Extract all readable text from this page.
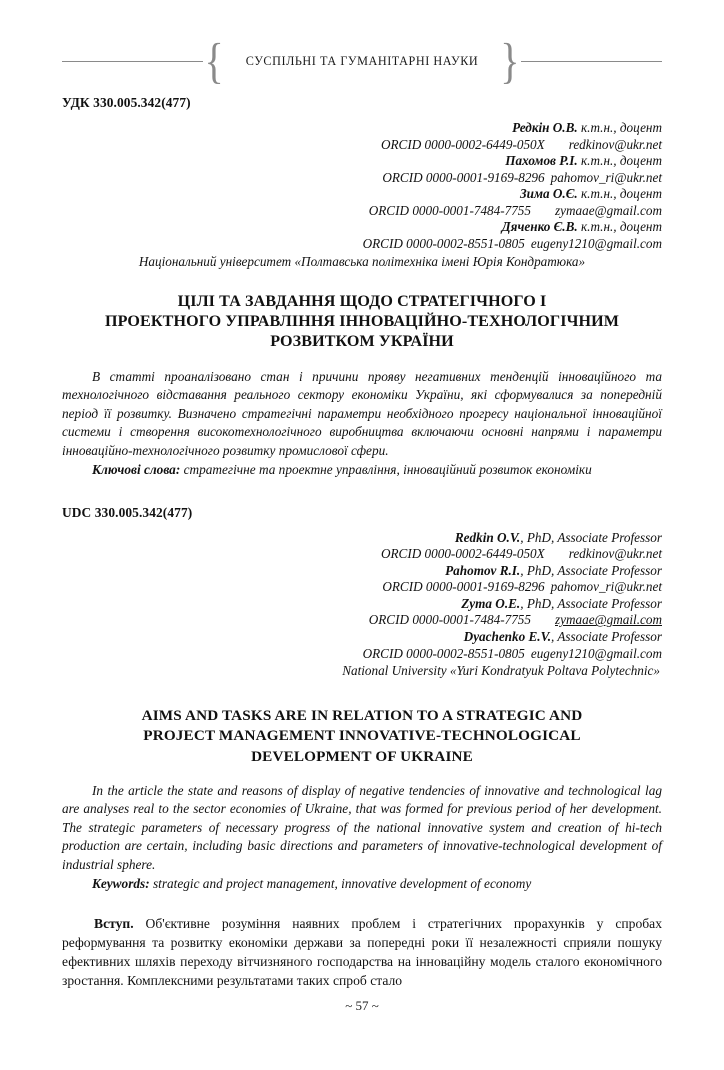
{	СУСПІЛЬНІ ТА ГУМАНІТАРНІ НАУКИ }
УДК 330.005.342(477)
Редкін О.В. к.т.н., доцент
ORCID 0000-0002-6449-050X redkinov@ukr.net
Пахомов Р.І. к.т.н., доцент
ORCID 0000-0001-9169-8296 pahomov_ri@ukr.net
Зима О.Є. к.т.н., доцент
ORCID 0000-0001-7484-7755 zymaae@gmail.com
Дяченко Є.В. к.т.н., доцент
ORCID 0000-0002-8551-0805 eugeny1210@gmail.com
Національний університет «Полтавська політехніка імені Юрія Кондратюка»
ЦІЛІ ТА ЗАВДАННЯ ЩОДО СТРАТЕГІЧНОГО І
ПРОЕКТНОГО УПРАВЛІННЯ ІННОВАЦІЙНО-ТЕХНОЛОГІЧНИМ
РОЗВИТКОМ УКРАЇНИ

В статті проаналізовано стан і причини прояву негативних тенденцій інноваційного та технологічного відставання реального сектору економіки України, які сформувалися за попередній період її розвитку. Визначено стратегічні параметри необхідного прогресу національної інноваційної системи і створення високотехнологічного виробництва включаючи основні напрями і параметри інноваційно-технологічного розвитку промислової сфери.

Ключові слова: стратегічне та проектне управління, інноваційний розвиток економіки

UDC 330.005.342(477)
Redkin O.V., PhD, Associate Professor
ORCID 0000-0002-6449-050X redkinov@ukr.net
Pahomov R.I., PhD, Associate Professor
ORCID 0000-0001-9169-8296 pahomov_ri@ukr.net
Zyma O.E., PhD, Associate Professor
ORCID 0000-0001-7484-7755 zymaae@gmail.com
Dyachenko E.V., Associate Professor
ORCID 0000-0002-8551-0805 eugeny1210@gmail.com
National University «Yuri Kondratyuk Poltava Polytechnic»
AIMS AND TASKS ARE IN RELATION TO A STRATEGIC AND
PROJECT MANAGEMENT INNOVATIVE-TECHNOLOGICAL
DEVELOPMENT OF UKRAINE

In the article the state and reasons of display of negative tendencies of innovative and technological lag are analyses real to the sector economies of Ukraine, that was formed for previous period of her development. The strategic parameters of necessary progress of the national innovative system and creation of hi-tech production are certain, including basic directions and parameters of innovative-technological development of industrial sphere.

Keywords: strategic and project management, innovative development of economy

Вступ. Об'єктивне розуміння наявних проблем і стратегічних прорахунків у спробах реформування та розвитку економіки держави за попередні роки її незалежності сприяли пошуку ефективних шляхів переходу вітчизняного господарства на інноваційну модель сталого економічного зростання. Комплексними результатами таких спроб стало

~ 57 ~
